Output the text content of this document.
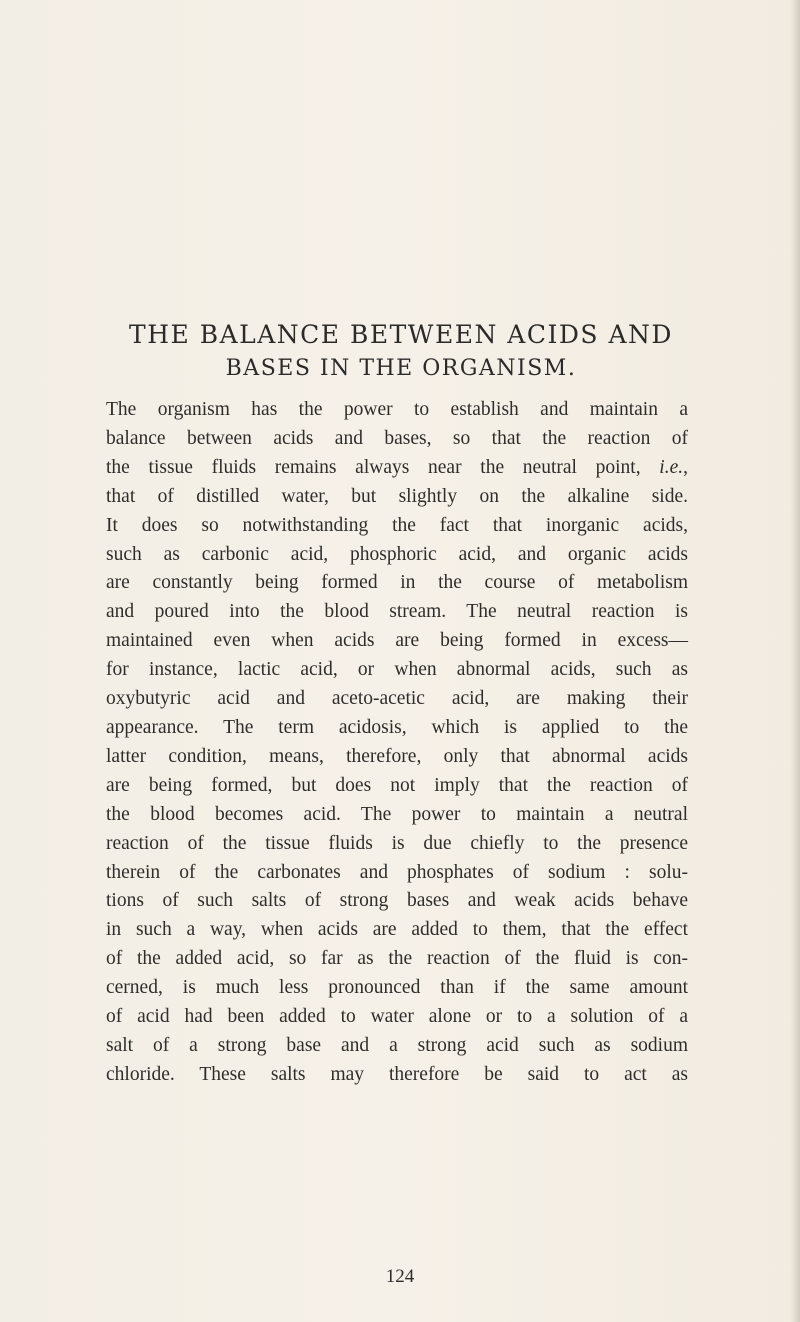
THE BALANCE BETWEEN ACIDS AND
BASES IN THE ORGANISM.
The organism has the power to establish and maintain a
balance between acids and bases, so that the reaction of
the tissue fluids remains always near the neutral point, i.e.,
that of distilled water, but slightly on the alkaline side.
It does so notwithstanding the fact that inorganic acids,
such as carbonic acid, phosphoric acid, and organic acids
are constantly being formed in the course of metabolism
and poured into the blood stream. The neutral reaction is
maintained even when acids are being formed in excess—
for instance, lactic acid, or when abnormal acids, such as
oxybutyric acid and aceto-acetic acid, are making their
appearance. The term acidosis, which is applied to the
latter condition, means, therefore, only that abnormal acids
are being formed, but does not imply that the reaction of
the blood becomes acid. The power to maintain a neutral
reaction of the tissue fluids is due chiefly to the presence
therein of the carbonates and phosphates of sodium : solu-
tions of such salts of strong bases and weak acids behave
in such a way, when acids are added to them, that the effect
of the added acid, so far as the reaction of the fluid is con-
cerned, is much less pronounced than if the same amount
of acid had been added to water alone or to a solution of a
salt of a strong base and a strong acid such as sodium
chloride. These salts may therefore be said to act as
124
